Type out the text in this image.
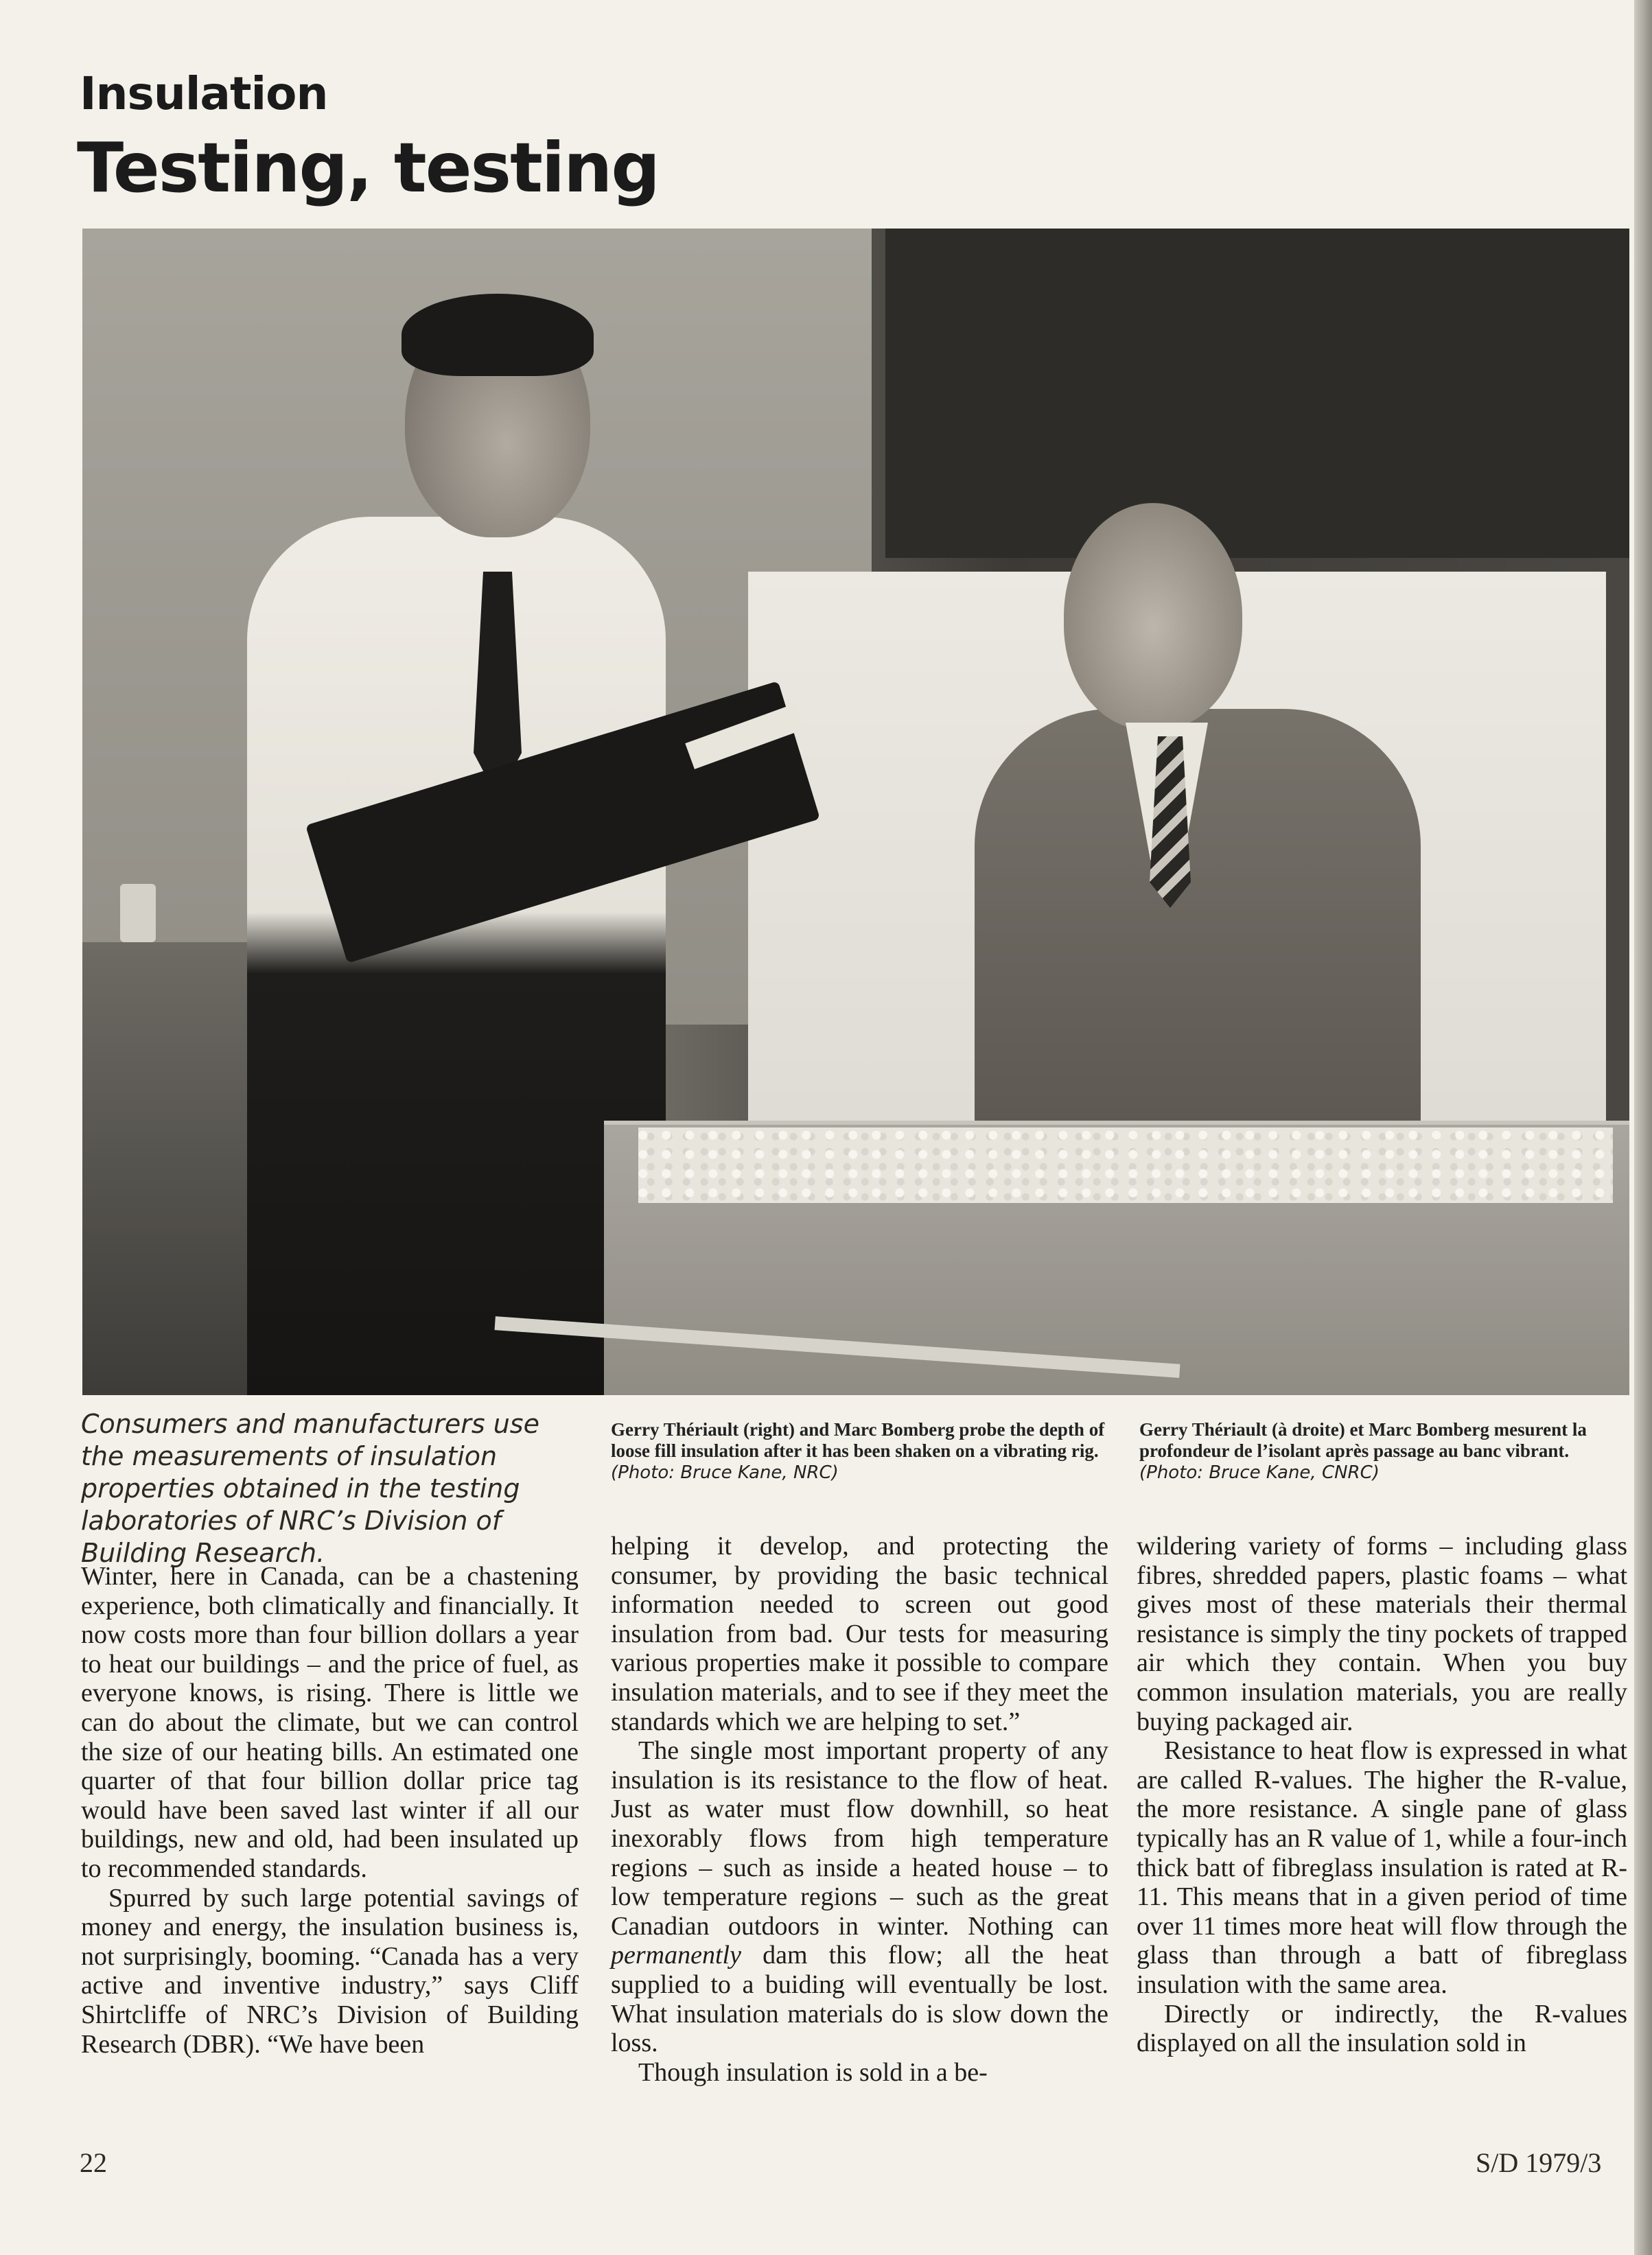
Insulation
Testing, testing
Consumers and manufacturers use the measurements of insulation properties obtained in the testing laboratories of NRC’s Division of Building Research.
Gerry Thériault (right) and Marc Bomberg probe the depth of loose fill insulation after it has been shaken on a vibrating rig. (Photo: Bruce Kane, NRC)
Gerry Thériault (à droite) et Marc Bomberg mesurent la profondeur de l’isolant après passage au banc vibrant. (Photo: Bruce Kane, CNRC)

Winter, here in Canada, can be a chastening experience, both climatically and financially. It now costs more than four billion dollars a year to heat our buildings – and the price of fuel, as everyone knows, is rising. There is little we can do about the climate, but we can control the size of our heating bills. An estimated one quarter of that four billion dollar price tag would have been saved last winter if all our buildings, new and old, had been insulated up to recommended standards.

Spurred by such large potential savings of money and energy, the insulation business is, not surprisingly, booming. “Canada has a very active and inventive industry,” says Cliff Shirtcliffe of NRC’s Division of Building Research (DBR). “We have been

helping it develop, and protecting the consumer, by providing the basic technical information needed to screen out good insulation from bad. Our tests for measuring various properties make it possible to compare insulation materials, and to see if they meet the standards which we are helping to set.”

The single most important property of any insulation is its resistance to the flow of heat. Just as water must flow downhill, so heat inexorably flows from high temperature regions – such as inside a heated house – to low temperature regions – such as the great Canadian outdoors in winter. Nothing can permanently dam this flow; all the heat supplied to a buiding will eventually be lost. What insulation materials do is slow down the loss.

Though insulation is sold in a be-

wildering variety of forms – including glass fibres, shredded papers, plastic foams – what gives most of these materials their thermal resistance is simply the tiny pockets of trapped air which they contain. When you buy common insulation materials, you are really buying packaged air.

Resistance to heat flow is expressed in what are called R-values. The higher the R-value, the more resistance. A single pane of glass typically has an R value of 1, while a four-inch thick batt of fibreglass insulation is rated at R-11. This means that in a given period of time over 11 times more heat will flow through the glass than through a batt of fibreglass insulation with the same area.

Directly or indirectly, the R-values displayed on all the insulation sold in

22	S/D 1979/3
